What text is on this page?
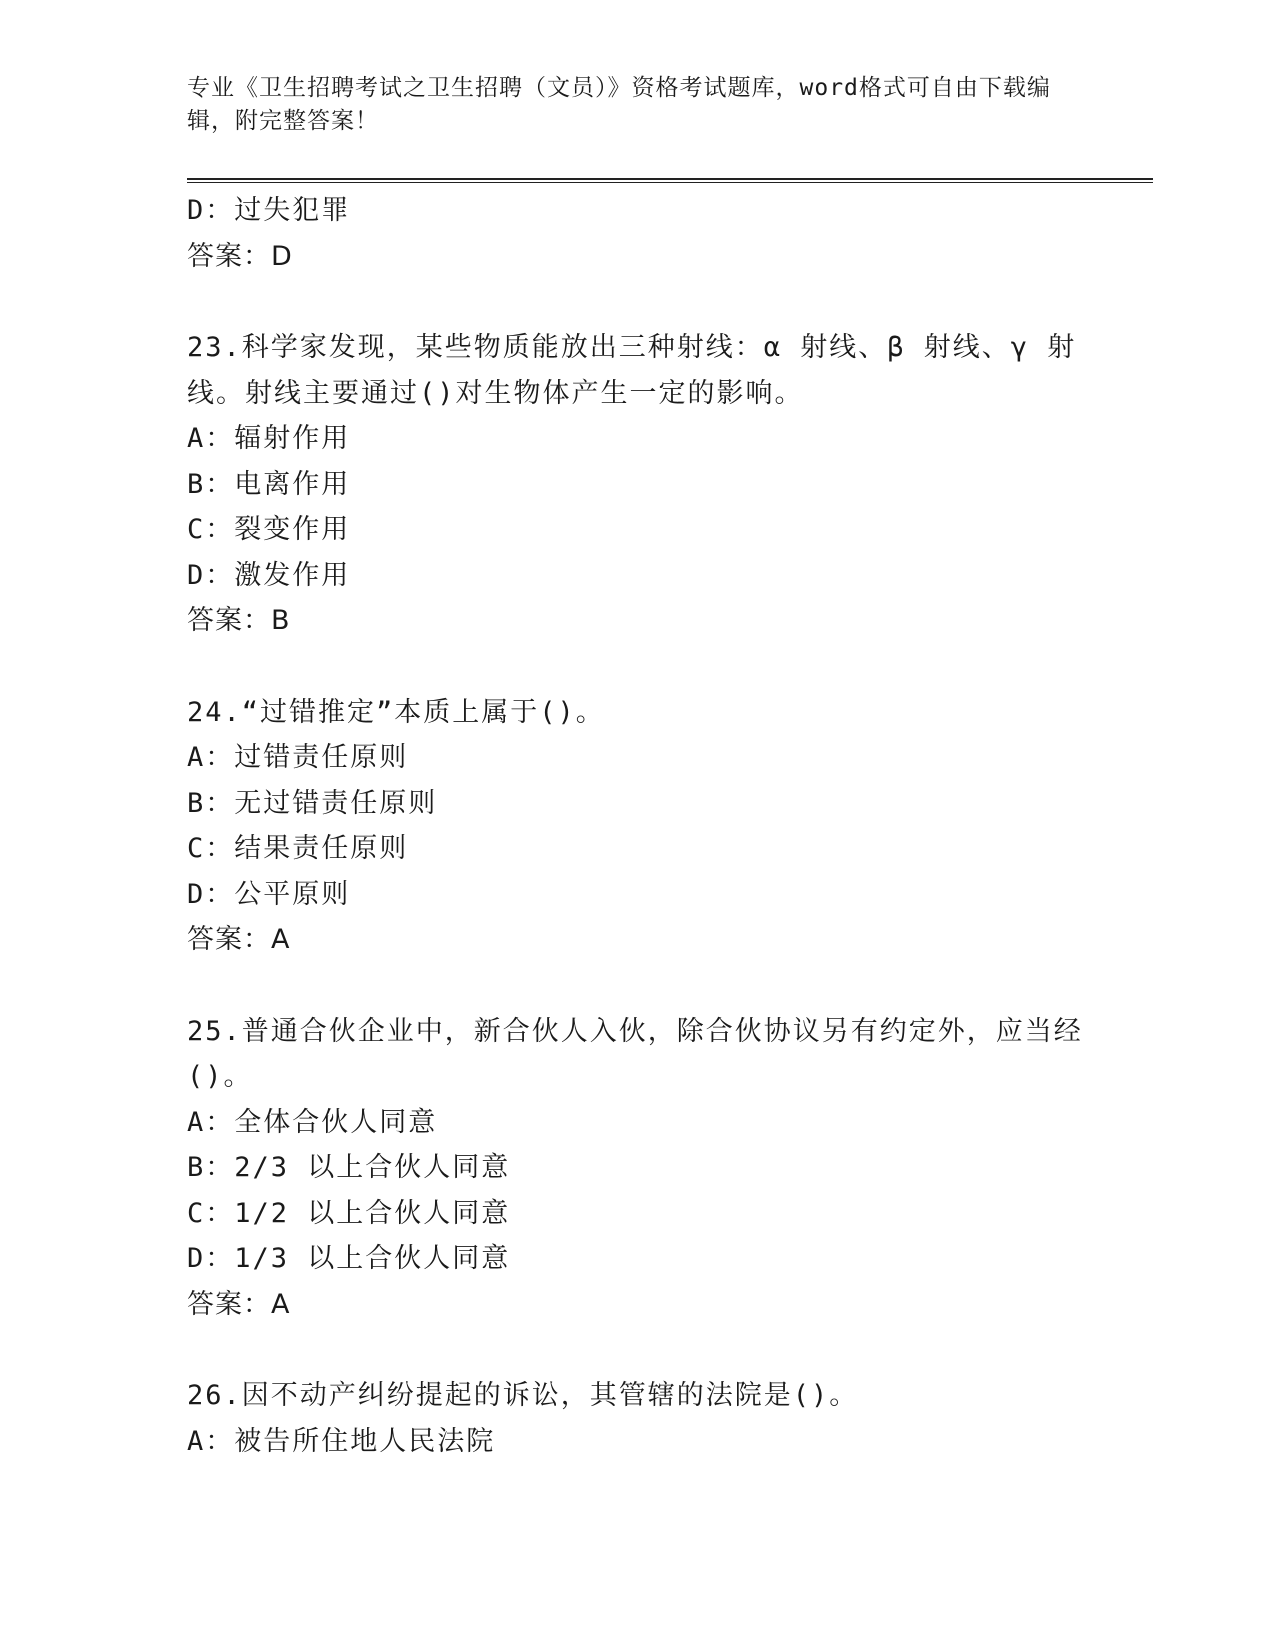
专业《卫生招聘考试之卫生招聘（文员）》资格考试题库，word格式可自由下载编辑，附完整答案！
D：过失犯罪
答案：D
23.科学家发现，某些物质能放出三种射线：α 射线、β 射线、γ 射
线。射线主要通过()对生物体产生一定的影响。
A：辐射作用
B：电离作用
C：裂变作用
D：激发作用
答案：B
24.“过错推定”本质上属于()。
A：过错责任原则
B：无过错责任原则
C：结果责任原则
D：公平原则
答案：A
25.普通合伙企业中，新合伙人入伙，除合伙协议另有约定外，应当经
()。
A：全体合伙人同意
B：2/3 以上合伙人同意
C：1/2 以上合伙人同意
D：1/3 以上合伙人同意
答案：A
26.因不动产纠纷提起的诉讼，其管辖的法院是()。
A：被告所住地人民法院
